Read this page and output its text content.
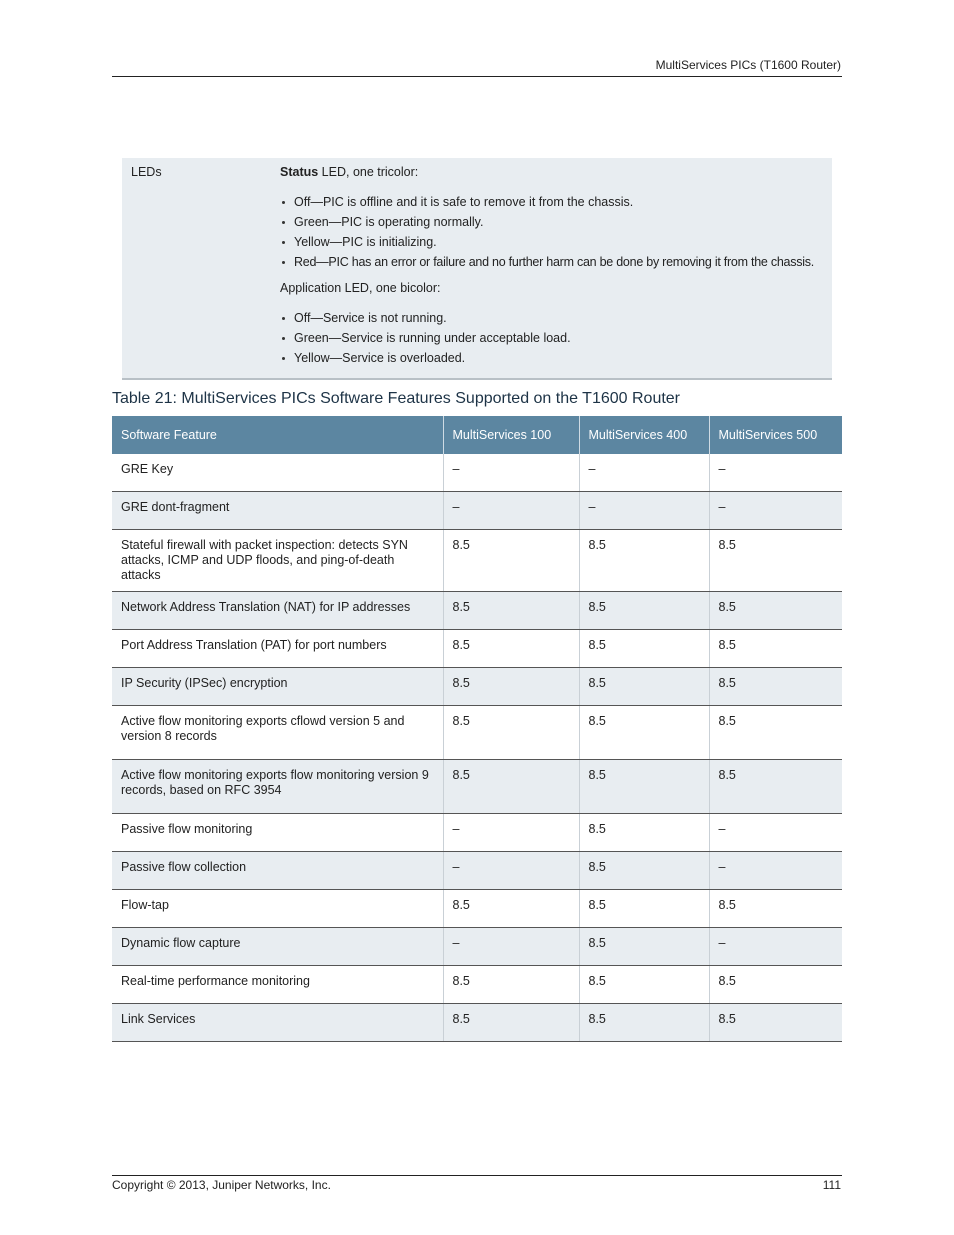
MultiServices PICs (T1600 Router)
LEDs	Status LED, one tricolor:

Off—PIC is offline and it is safe to remove it from the chassis.
Green—PIC is operating normally.
Yellow—PIC is initializing.
Red—PIC has an error or failure and no further harm can be done by removing it from the chassis.

Application LED, one bicolor:

Off—Service is not running.
Green—Service is running under acceptable load.
Yellow—Service is overloaded.
Table 21: MultiServices PICs Software Features Supported on the T1600 Router
Software Feature	MultiServices 100	MultiServices 400	MultiServices 500
GRE Key	–	–	–
GRE dont-fragment	–	–	–
Stateful firewall with packet inspection: detects SYN attacks, ICMP and UDP floods, and ping-of-death attacks	8.5	8.5	8.5
Network Address Translation (NAT) for IP addresses	8.5	8.5	8.5
Port Address Translation (PAT) for port numbers	8.5	8.5	8.5
IP Security (IPSec) encryption	8.5	8.5	8.5
Active flow monitoring exports cflowd version 5 and version 8 records	8.5	8.5	8.5
Active flow monitoring exports flow monitoring version 9 records, based on RFC 3954	8.5	8.5	8.5
Passive flow monitoring	–	8.5	–
Passive flow collection	–	8.5	–
Flow-tap	8.5	8.5	8.5
Dynamic flow capture	–	8.5	–
Real-time performance monitoring	8.5	8.5	8.5
Link Services	8.5	8.5	8.5
Copyright © 2013, Juniper Networks, Inc.	111
